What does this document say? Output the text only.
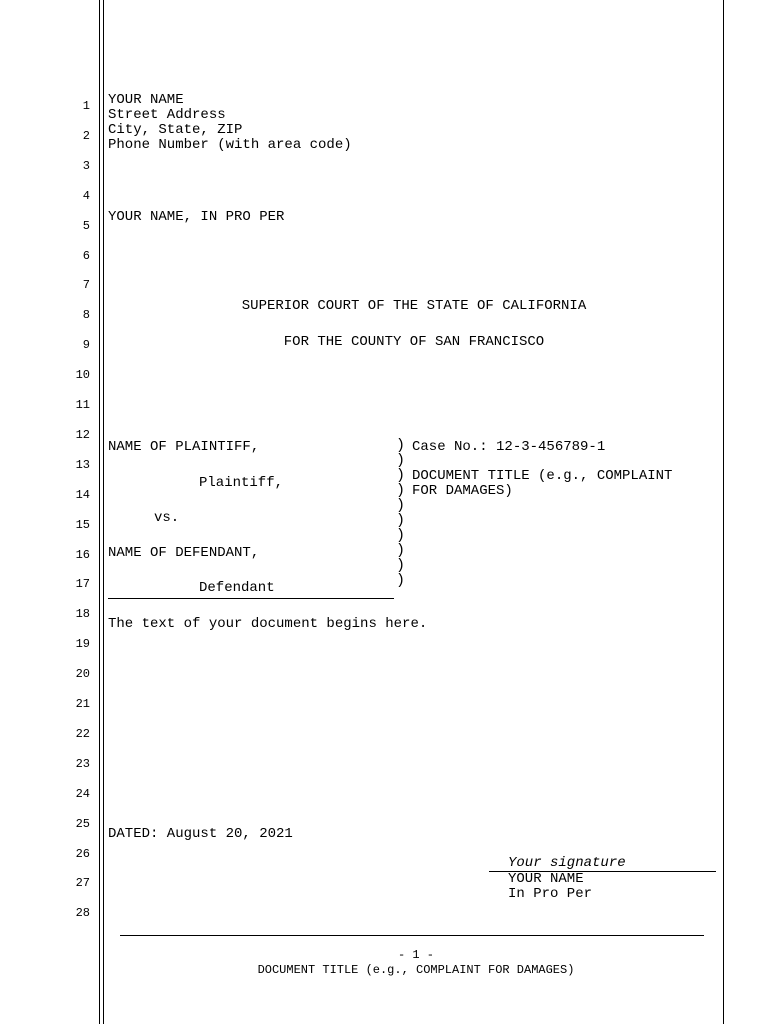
1
2
3
4
5
6
7
8
9
10
11
12
13
14
15
16
17
18
19
20
21
22
23
24
25
26
27
28
YOUR NAME
Street Address
City, State, ZIP
Phone Number (with area code)
YOUR NAME, IN PRO PER
SUPERIOR COURT OF THE STATE OF CALIFORNIA
FOR THE COUNTY OF SAN FRANCISCO
NAME OF PLAINTIFF,
Plaintiff,
vs.
NAME OF DEFENDANT,
Defendant
)
)
)
)
)
)
)
)
)
)
Case No.: 12-3-456789-1
DOCUMENT TITLE (e.g., COMPLAINT
FOR DAMAGES)
The text of your document begins here.
DATED: August 20, 2021
Your signature
YOUR NAME
In Pro Per
- 1 -
DOCUMENT TITLE (e.g., COMPLAINT FOR DAMAGES)
